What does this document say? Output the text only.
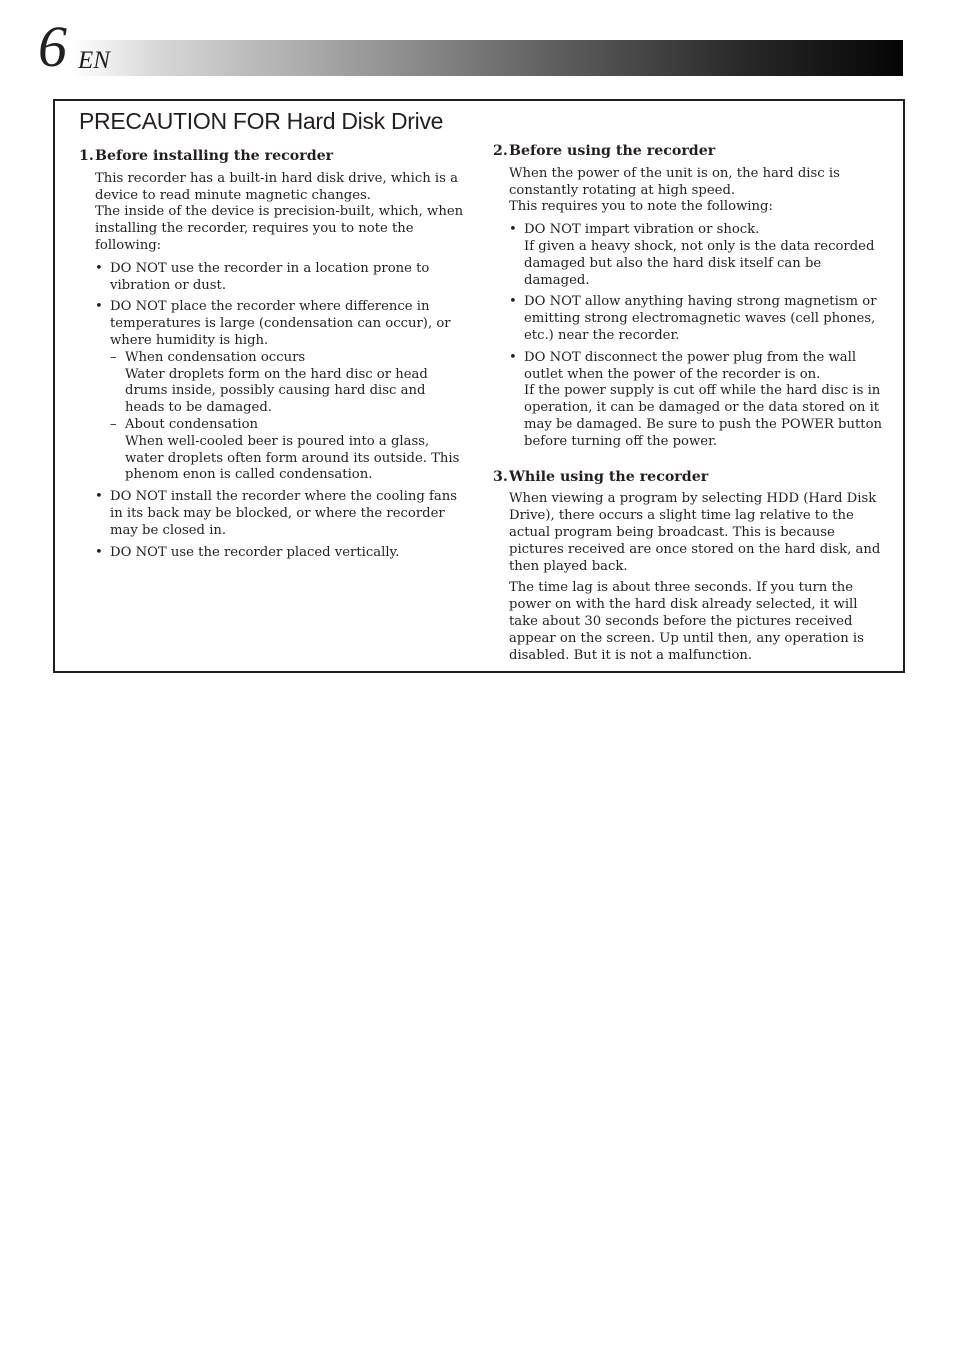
6 EN
PRECAUTION FOR Hard Disk Drive
1. Before installing the recorder

This recorder has a built-in hard disk drive, which is a device to read minute magnetic changes.

The inside of the device is precision-built, which, when installing the recorder, requires you to note the following:

• DO NOT use the recorder in a location prone to vibration or dust.
• DO NOT place the recorder where difference in temperatures is large (condensation can occur), or where humidity is high.
– When condensation occurs
Water droplets form on the hard disc or head drums inside, possibly causing hard disc and heads to be damaged.
– About condensation
When well-cooled beer is poured into a glass, water droplets often form around its outside. This phenom enon is called condensation.
• DO NOT install the recorder where the cooling fans in its back may be blocked, or where the recorder may be closed in.
• DO NOT use the recorder placed vertically.
2. Before using the recorder

When the power of the unit is on, the hard disc is constantly rotating at high speed.

This requires you to note the following:

• DO NOT impart vibration or shock.
If given a heavy shock, not only is the data recorded damaged but also the hard disk itself can be damaged.
• DO NOT allow anything having strong magnetism or emitting strong electromagnetic waves (cell phones, etc.) near the recorder.
• DO NOT disconnect the power plug from the wall outlet when the power of the recorder is on.
If the power supply is cut off while the hard disc is in operation, it can be damaged or the data stored on it may be damaged. Be sure to push the POWER button before turning off the power.
3. While using the recorder

When viewing a program by selecting HDD (Hard Disk Drive), there occurs a slight time lag relative to the actual program being broadcast. This is because pictures received are once stored on the hard disk, and then played back.

The time lag is about three seconds. If you turn the power on with the hard disk already selected, it will take about 30 seconds before the pictures received appear on the screen. Up until then, any operation is disabled. But it is not a malfunction.
